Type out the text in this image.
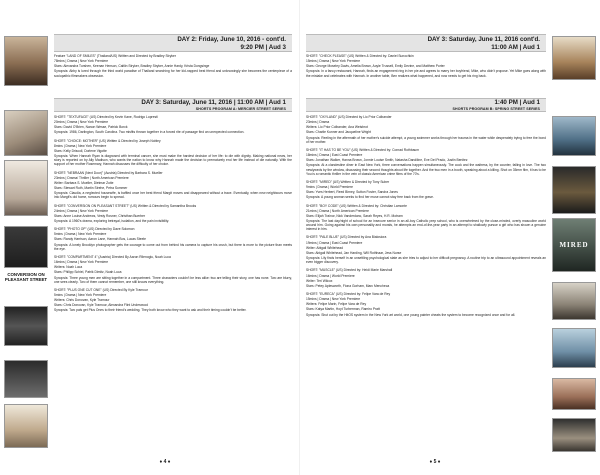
CONVERSION ON PLEASANT STREET
DAY 2: Friday, June 10, 2016 - cont'd.
9:20 PM | Aud 3

Feature "LAND OF SMILES" (Thailand/US) Written and Directed by Bradley Stryker

78mins | Drama | New York Premiere

Stars: Alexandra Turshen, Keenan Henson, Caitlin Stryker, Bradley Stryker, Annie Hardy, Krista Dongsinge

Synopsis: Abby is lured through the third world paradise of Thailand searching for her kid-napped best friend and unknowingly she becomes the centerpiece of a sociopathic filmmakers obsession.

DAY 3: Saturday, June 11, 2016 | 11:00 AM | Aud 1
SHORTS PROGRAM A: MERCIER STREET SERIES

SHORT: "TEXTUFACE" (US) Directed by Kevin Kane, Rodrigo Lopresti

20mins | Drama | New York Premiere

Stars: David O'Brien, Nanon Wesse, Patrick Borck

Synopsis: 1986, Darlington, South Carolina. Two misfits thrown together in a forced rite of passage find an unexpected connection.

SHORT: "CHOICE: MOTHER" (US) Written & Directed by Joseph Nobley

8mins | Drama | New York Premiere

Stars: Kelly Driscoll, Dorlene Vigotte

Synopsis: When Hannah Ryan is diagnosed with terminal cancer, she must make the hardest decision of her life: to die with dignity. Making national news, her story is reported on by Ally Madison, who wants the nation to know why Hannah made the decision to prematurely end her life instead of die naturally. With the support of her mother Rosemary, Hannah discusses the difficulty of her choice.

SHORT: "NEBRAAN (Next Door)" (Austria) Directed by Barbara S. Mueller

23mins | Drama/ Thriller | North American Premiere

Writer: Barbara S. Mueller, Dietmar Zotie

Stars: Stewart Ruth, Martin Strehe, Petra Sommer

Synopsis: Claudia, a neglected housewife, is baffled once her best friend Margit moves and disappeared without a trace. Eventually, when new neighbours move into Margit's old home, rumours begin to spread.

SHORT: "CONVERSION ON PLEASANT STREET" (US) Written & Directed by Samantha Brooks

24mins | Drama | New York Premiere

Stars: Anne Louise Andrews, Vesty Rosner, Christhan Buerber

Synopsis: A 1960's drama, exploring betrayal, isolation, and the pain invisibility.

SHORT: "PHOTO OP" (US) Directed by Dave Solomon

5mins | Drama | New York Premiere

Stars: Randy Harrison, Aaron Lane, Hannah Bos, Lucas Steele

Synopsis: A lonely Brooklyn photographer gets the courage to come out from behind his camera to capture his crush, but there is more to the picture than meets the eye.

SHORT: "COMPARTMENT 4" (Austria) Directed By Aaron Rilenoglu, Noah Luca

16mins | Drama | New York Premiere

Writers: Noah Luca

Stars: Philipp Schiel, Patrik Dimitz, Noah Luca

Synopsis: Three young men are sitting together in a compartment. Three characters couldn't be less alike: two are telling their story, one has none. Two are blurry, one sees clearly. Two of them cannot remember, one still knows everything.

SHORT: "PLUS ONE CUT ONE" (US) Directed By Kyle Tramour

5mins | Drama | New York Premiere

Writers: Chris Donovan, Kyle Tramour

Stars: Chris Donovan, Kyle Tramour, Alexandra Flint Underwood

Synopsis: Two pals get Plus Ones to their friend's wedding. They both know who they want to ask and their timing couldn't be better.

♦ 4 ♦
DAY 3: Saturday, June 11, 2016 cont'd.
11:00 AM | Aud 1

SHORT: "CHECK PLEASE" (US) Written & Directed by: Daniel Sunochkin

15mins | Drama | New York Premiere

Stars: George Moseley Davis, Amelia Brown, Aoyle Trussell, Emily Devine, and Matthew Porter

Synopsis: In a fancy restaurant, Hannah, finds an engagement ring in her pie and agrees to marry her boyfriend, Mike, who didn't propose. Yet Mike goes along with the mistake and celebrates with Hannah. In another table, Ben realizes what happened, and now needs to get his ring back.

1:40 PM | Aud 1
SHORTS PROGRAM B: SPRING STREET SERIES

SHORT: "OXYLAND" (US) Directed by Lio Prior Colbander

23mins | Drama

Writers: Lio Prior Colbander, Ana Weisbrot

Stars: Charlie Kunner and Jacqueline Wright

Synopsis: Reeling in the aftermath of her mother's suicide attempt, a young swimmer works through her trauma in the water while desperately trying to free the bond of her mother.

SHORT: "IT HAS TO BE YOU" (US) Written & Directed by: Conrad Rothbaum

18mins | Drama | East Coast Premiere

Stars: Jonathan Walker, Hanna Brown, Jonnie Louise Smith, Natasha Dandiline, Eve Del Prado, Justin Benitez

Synopsis: At a clandestine diner in East New York, three conversations happen simultaneously. The cook and the waitress, by the counter, falling in love. The two newlyweds by the window, discussing their second thoughts about life together. And the two men in a booth, speaking about a killing. Shot on 35mm film, it has to be You is a romantic thriller in the vein of classic American crime films of the 70's.

SHORT: "MIRED" (US) Written & Directed by Tony Suber

9mins | Drama | World Premiere

Stars: Yves Herbert, Reed Birney, Sutton Foster, Sandra Jones

Synopsis: A young woman seeks to find her muse cannot stay free back from the grave.

SHORT: "BOY CODE" (US) Written & Directed by: Christian Lamonte

21mins | Drama | North American Premiere

Stars: Elijah Trainor, Nick Vanderdanc, Sarah Reyes, H.R. Motram

Synopsis: The last day/night of school for an insecure senior in an all-boy Catholic prep school, who is overwhelmed by the close-minded, overly masculine world around him. Going against his own personality and morals, he attempts an end-of-the-year party in an attempt to shallowly pursue a girl who has shown a genuine interest in him.

SHORT: "PALE BLUE" (US) Directed by Ana Bialosiora

19mins | Drama | East Coast Premiere

Writer: Abigail Whitehead

Stars: Abigail Whitehead, Jan Harding, Will Rothhaar, Jess Nurse

Synopsis: Lily finds herself in an unsettling psychological state as she tries to adjust to her difficult pregnancy. A routine trip to an ultrasound appointment reveals an even bigger discovery.

SHORT: "MUSCLE" (US) Directed by: Heidi Marie Marshall

16mins | Drama | World Premiere

Writer: Teri Wilcox

Stars: Petey Aplesworth, Fiona Gorham, Marc Mencheca

SHORT: "EURECA" (US) Directed by: Felipe Vara de Rey

15mins | Drama | New York Premiere

Writers: Felipe Marin, Felipe Vara de Rey

Stars: Katya Martin, Hoyt Turberman, Ramiro Pratt

Synopsis: Shut out by the HitOS system in the New York art world, one young painter cheats the system to become recognized once and for all.

MIRED
♦ 5 ♦
